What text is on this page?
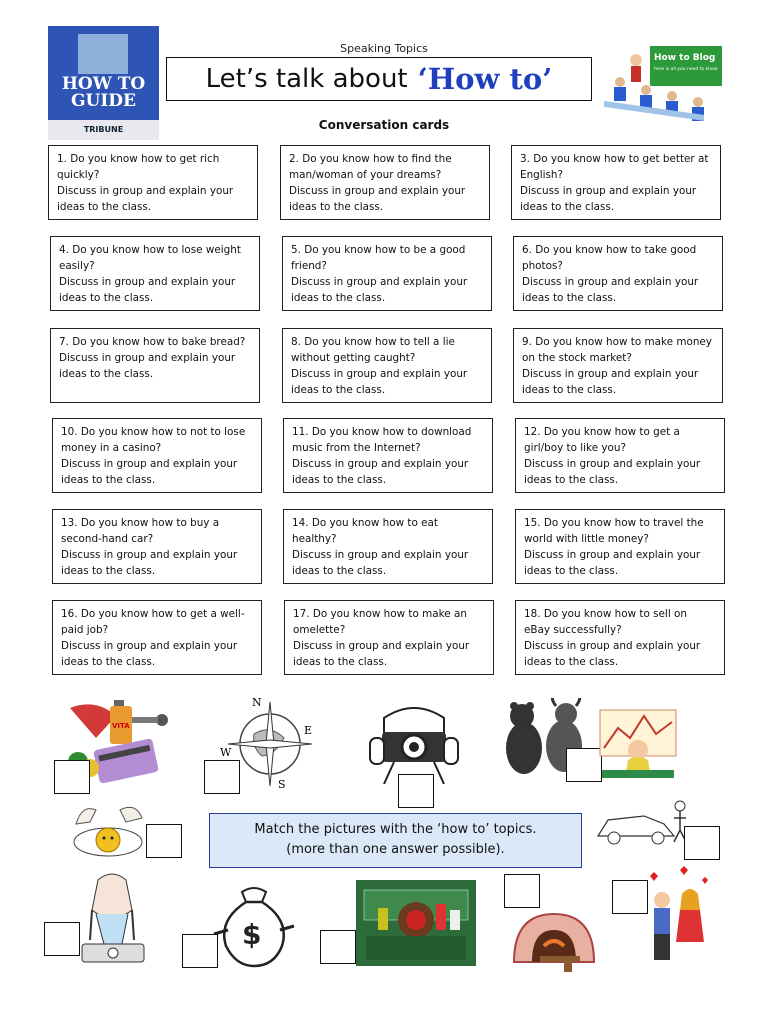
Speaking Topics
Let’s talk about ‘How to’
Conversation cards
HOW TO
GUIDE
TRIBUNE
How to Blog
here is all you need to know
1. Do you know how to get rich quickly?
Discuss in group and explain your ideas to the class.
2. Do you know how to find the man/woman of your dreams?
Discuss in group and explain your ideas to the class.
3. Do you know how to get better at English?
Discuss in group and explain your ideas to the class.
4. Do you know how to lose weight easily?
Discuss in group and explain your ideas to the class.
5. Do you know how to be a good friend?
Discuss in group and explain your ideas to the class.
6. Do you know how to take good photos?
Discuss in group and explain your ideas to the class.
7. Do you know how to bake bread?
Discuss in group and explain your ideas to the class.
8. Do you know how to tell a lie without getting caught?
Discuss in group and explain your ideas to the class.
9. Do you know how to make money on the stock market?
Discuss in group and explain your ideas to the class.
10. Do you know how to not to lose money in a casino?
Discuss in group and explain your ideas to the class.
11. Do you know how to download music from the Internet?
Discuss in group and explain your ideas to the class.
12. Do you know how to get a girl/boy to like you?
Discuss in group and explain your ideas to the class.
13. Do you know how to buy a second-hand car?
Discuss in group and explain your ideas to the class.
14. Do you know how to eat healthy?
Discuss in group and explain your ideas to the class.
15. Do you know how to travel the world with little money?
Discuss in group and explain your ideas to the class.
16. Do you know how to get a well-paid job?
Discuss in group and explain your ideas to the class.
17. Do you know how to make an omelette?
Discuss in group and explain your ideas to the class.
18. Do you know how to sell on eBay successfully?
Discuss in group and explain your ideas to the class.
VITA
N
E
W
S
Match the pictures with the ‘how to’ topics.
(more than one answer possible).
$
